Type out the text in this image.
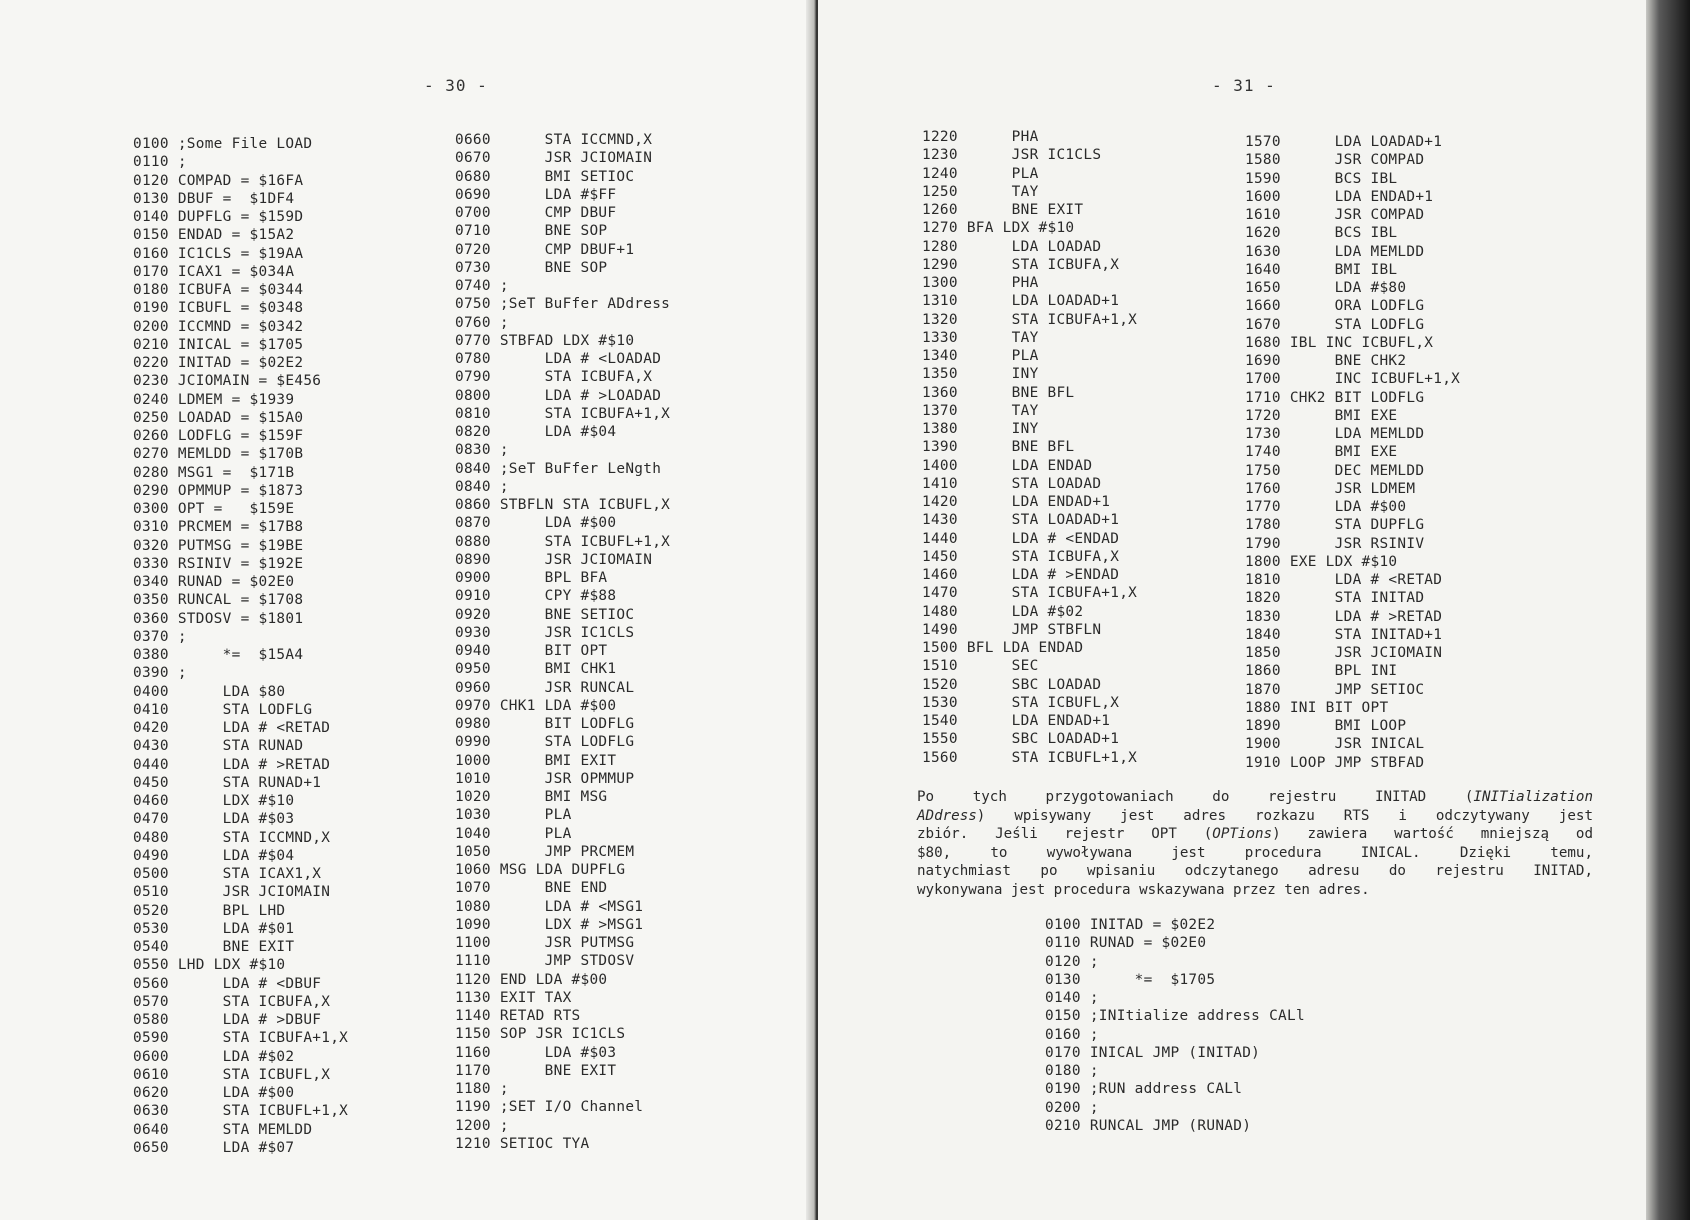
- 30 -
0100 ;Some File LOAD
0110 ;
0120 COMPAD = $16FA
0130 DBUF =  $1DF4
0140 DUPFLG = $159D
0150 ENDAD = $15A2
0160 IC1CLS = $19AA
0170 ICAX1 = $034A
0180 ICBUFA = $0344
0190 ICBUFL = $0348
0200 ICCMND = $0342
0210 INICAL = $1705
0220 INITAD = $02E2
0230 JCIOMAIN = $E456
0240 LDMEM = $1939
0250 LOADAD = $15A0
0260 LODFLG = $159F
0270 MEMLDD = $170B
0280 MSG1 =  $171B
0290 OPMMUP = $1873
0300 OPT =   $159E
0310 PRCMEM = $17B8
0320 PUTMSG = $19BE
0330 RSINIV = $192E
0340 RUNAD = $02E0
0350 RUNCAL = $1708
0360 STDOSV = $1801
0370 ;
0380      *=  $15A4
0390 ;
0400      LDA $80
0410      STA LODFLG
0420      LDA # <RETAD
0430      STA RUNAD
0440      LDA # >RETAD
0450      STA RUNAD+1
0460      LDX #$10
0470      LDA #$03
0480      STA ICCMND,X
0490      LDA #$04
0500      STA ICAX1,X
0510      JSR JCIOMAIN
0520      BPL LHD
0530      LDA #$01
0540      BNE EXIT
0550 LHD LDX #$10
0560      LDA # <DBUF
0570      STA ICBUFA,X
0580      LDA # >DBUF
0590      STA ICBUFA+1,X
0600      LDA #$02
0610      STA ICBUFL,X
0620      LDA #$00
0630      STA ICBUFL+1,X
0640      STA MEMLDD
0650      LDA #$07
0660      STA ICCMND,X
0670      JSR JCIOMAIN
0680      BMI SETIOC
0690      LDA #$FF
0700      CMP DBUF
0710      BNE SOP
0720      CMP DBUF+1
0730      BNE SOP
0740 ;
0750 ;SeT BuFfer ADdress
0760 ;
0770 STBFAD LDX #$10
0780      LDA # <LOADAD
0790      STA ICBUFA,X
0800      LDA # >LOADAD
0810      STA ICBUFA+1,X
0820      LDA #$04
0830 ;
0840 ;SeT BuFfer LeNgth
0840 ;
0860 STBFLN STA ICBUFL,X
0870      LDA #$00
0880      STA ICBUFL+1,X
0890      JSR JCIOMAIN
0900      BPL BFA
0910      CPY #$88
0920      BNE SETIOC
0930      JSR IC1CLS
0940      BIT OPT
0950      BMI CHK1
0960      JSR RUNCAL
0970 CHK1 LDA #$00
0980      BIT LODFLG
0990      STA LODFLG
1000      BMI EXIT
1010      JSR OPMMUP
1020      BMI MSG
1030      PLA
1040      PLA
1050      JMP PRCMEM
1060 MSG LDA DUPFLG
1070      BNE END
1080      LDA # <MSG1
1090      LDX # >MSG1
1100      JSR PUTMSG
1110      JMP STDOSV
1120 END LDA #$00
1130 EXIT TAX
1140 RETAD RTS
1150 SOP JSR IC1CLS
1160      LDA #$03
1170      BNE EXIT
1180 ;
1190 ;SET I/O Channel
1200 ;
1210 SETIOC TYA
- 31 -
1220      PHA
1230      JSR IC1CLS
1240      PLA
1250      TAY
1260      BNE EXIT
1270 BFA LDX #$10
1280      LDA LOADAD
1290      STA ICBUFA,X
1300      PHA
1310      LDA LOADAD+1
1320      STA ICBUFA+1,X
1330      TAY
1340      PLA
1350      INY
1360      BNE BFL
1370      TAY
1380      INY
1390      BNE BFL
1400      LDA ENDAD
1410      STA LOADAD
1420      LDA ENDAD+1
1430      STA LOADAD+1
1440      LDA # <ENDAD
1450      STA ICBUFA,X
1460      LDA # >ENDAD
1470      STA ICBUFA+1,X
1480      LDA #$02
1490      JMP STBFLN
1500 BFL LDA ENDAD
1510      SEC
1520      SBC LOADAD
1530      STA ICBUFL,X
1540      LDA ENDAD+1
1550      SBC LOADAD+1
1560      STA ICBUFL+1,X
1570      LDA LOADAD+1
1580      JSR COMPAD
1590      BCS IBL
1600      LDA ENDAD+1
1610      JSR COMPAD
1620      BCS IBL
1630      LDA MEMLDD
1640      BMI IBL
1650      LDA #$80
1660      ORA LODFLG
1670      STA LODFLG
1680 IBL INC ICBUFL,X
1690      BNE CHK2
1700      INC ICBUFL+1,X
1710 CHK2 BIT LODFLG
1720      BMI EXE
1730      LDA MEMLDD
1740      BMI EXE
1750      DEC MEMLDD
1760      JSR LDMEM
1770      LDA #$00
1780      STA DUPFLG
1790      JSR RSINIV
1800 EXE LDX #$10
1810      LDA # <RETAD
1820      STA INITAD
1830      LDA # >RETAD
1840      STA INITAD+1
1850      JSR JCIOMAIN
1860      BPL INI
1870      JMP SETIOC
1880 INI BIT OPT
1890      BMI LOOP
1900      JSR INICAL
1910 LOOP JMP STBFAD

Po tych przygotowaniach do rejestru INITAD (INITialization
ADdress) wpisywany jest adres rozkazu RTS i odczytywany jest
zbiór. Jeśli rejestr OPT (OPTions) zawiera wartość mniejszą od
$80, to wywoływana jest procedura INICAL. Dzięki temu,
natychmiast po wpisaniu odczytanego adresu do rejestru INITAD,
wykonywana jest procedura wskazywana przez ten adres.

0100 INITAD = $02E2
0110 RUNAD = $02E0
0120 ;
0130      *=  $1705
0140 ;
0150 ;INItialize address CALl
0160 ;
0170 INICAL JMP (INITAD)
0180 ;
0190 ;RUN address CALl
0200 ;
0210 RUNCAL JMP (RUNAD)
